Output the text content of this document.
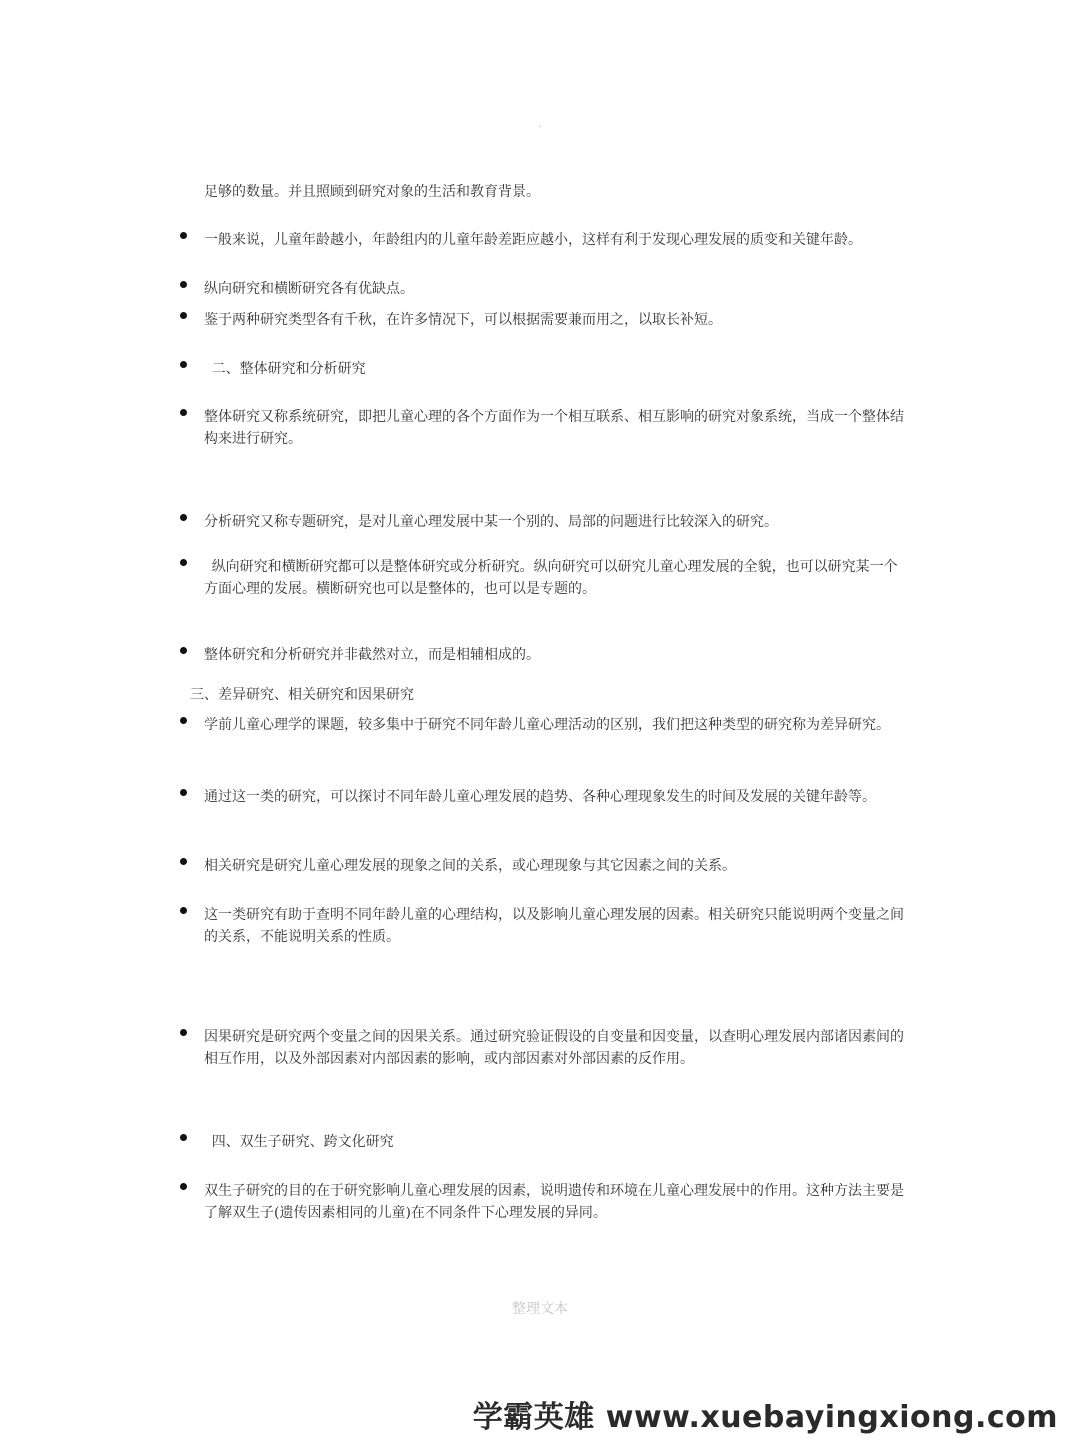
·

足够的数量。并且照顾到研究对象的生活和教育背景。

一般来说，儿童年龄越小，年龄组内的儿童年龄差距应越小，这样有利于发现心理发展的质变和关键年龄。

纵向研究和横断研究各有优缺点。

鉴于两种研究类型各有千秋，在许多情况下，可以根据需要兼而用之，以取长补短。

二、整体研究和分析研究

整体研究又称系统研究，即把儿童心理的各个方面作为一个相互联系、相互影响的研究对象系统，当成一个整体结构来进行研究。

分析研究又称专题研究，是对儿童心理发展中某一个别的、局部的问题进行比较深入的研究。

纵向研究和横断研究都可以是整体研究或分析研究。纵向研究可以研究儿童心理发展的全貌，也可以研究某一个方面心理的发展。横断研究也可以是整体的，也可以是专题的。

整体研究和分析研究并非截然对立，而是相辅相成的。

三、差异研究、相关研究和因果研究

学前儿童心理学的课题，较多集中于研究不同年龄儿童心理活动的区别，我们把这种类型的研究称为差异研究。

通过这一类的研究，可以探讨不同年龄儿童心理发展的趋势、各种心理现象发生的时间及发展的关键年龄等。

相关研究是研究儿童心理发展的现象之间的关系，或心理现象与其它因素之间的关系。

这一类研究有助于查明不同年龄儿童的心理结构，以及影响儿童心理发展的因素。相关研究只能说明两个变量之间的关系，不能说明关系的性质。

因果研究是研究两个变量之间的因果关系。通过研究验证假设的自变量和因变量，以查明心理发展内部诸因素间的相互作用，以及外部因素对内部因素的影响，或内部因素对外部因素的反作用。

四、双生子研究、跨文化研究

双生子研究的目的在于研究影响儿童心理发展的因素，说明遗传和环境在儿童心理发展中的作用。这种方法主要是了解双生子(遗传因素相同的儿童)在不同条件下心理发展的异同。

整理文本
学霸英雄 www.xuebayingxiong.com
